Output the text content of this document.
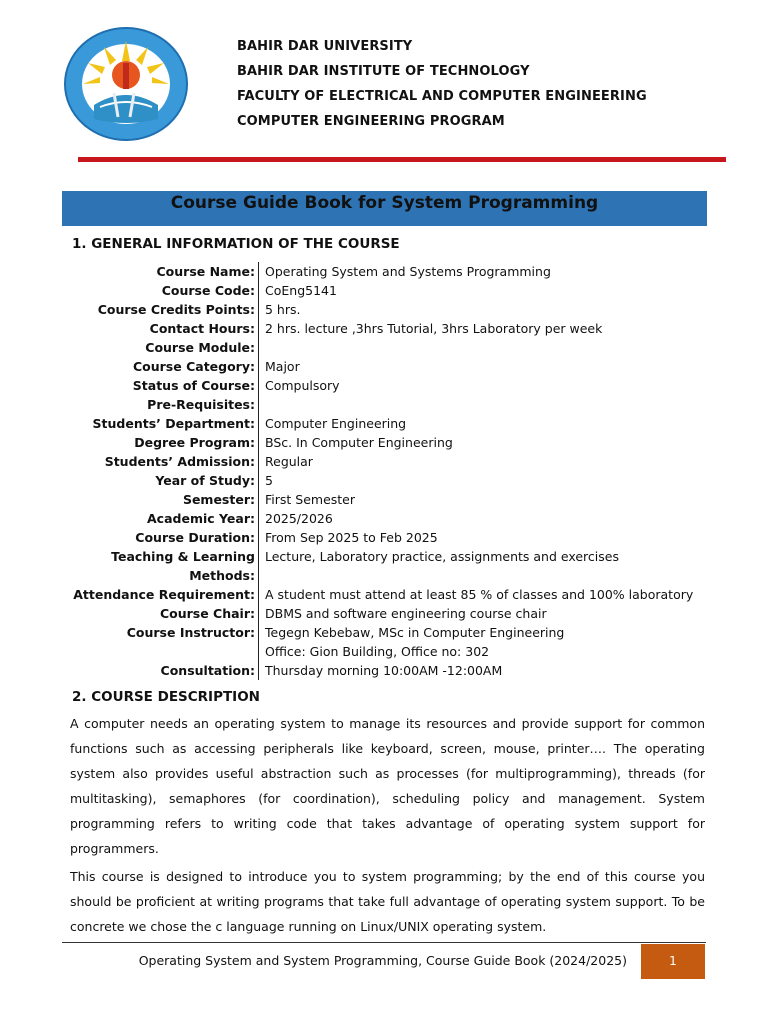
BAHIR DAR UNIVERSITY
BAHIR DAR INSTITUTE OF TECHNOLOGY
FACULTY OF ELECTRICAL AND COMPUTER ENGINEERING
COMPUTER ENGINEERING PROGRAM
Course Guide Book for System Programming
1. GENERAL INFORMATION OF THE COURSE
Course Name: Operating System and Systems Programming
Course Code: CoEng5141
Course Credits Points: 5 hrs.
Contact Hours: 2 hrs. lecture ,3hrs Tutorial, 3hrs Laboratory per week
Course Module:
Course Category: Major
Status of Course: Compulsory
Pre-Requisites:
Students’ Department: Computer Engineering
Degree Program: BSc. In Computer Engineering
Students’ Admission: Regular
Year of Study: 5
Semester: First Semester
Academic Year: 2025/2026
Course Duration: From Sep 2025 to Feb 2025
Teaching & Learning Methods:
Lecture, Laboratory practice, assignments and exercises
Attendance Requirement: A student must attend at least 85 % of classes and 100% laboratory
Course Chair: DBMS and software engineering course chair
Course Instructor: Tegegn Kebebaw, MSc in Computer Engineering
Office: Gion Building, Office no: 302
Consultation: Thursday morning 10:00AM -12:00AM
2. COURSE DESCRIPTION

A computer needs an operating system to manage its resources and provide support for common functions such as accessing peripherals like keyboard, screen, mouse, printer…. The operating system also provides useful abstraction such as processes (for multiprogramming), threads (for multitasking), semaphores (for coordination), scheduling policy and management. System programming refers to writing code that takes advantage of operating system support for programmers.

This course is designed to introduce you to system programming; by the end of this course you should be proficient at writing programs that take full advantage of operating system support. To be concrete we chose the c language running on Linux/UNIX operating system.

Operating System and System Programming, Course Guide Book (2024/2025)	1
